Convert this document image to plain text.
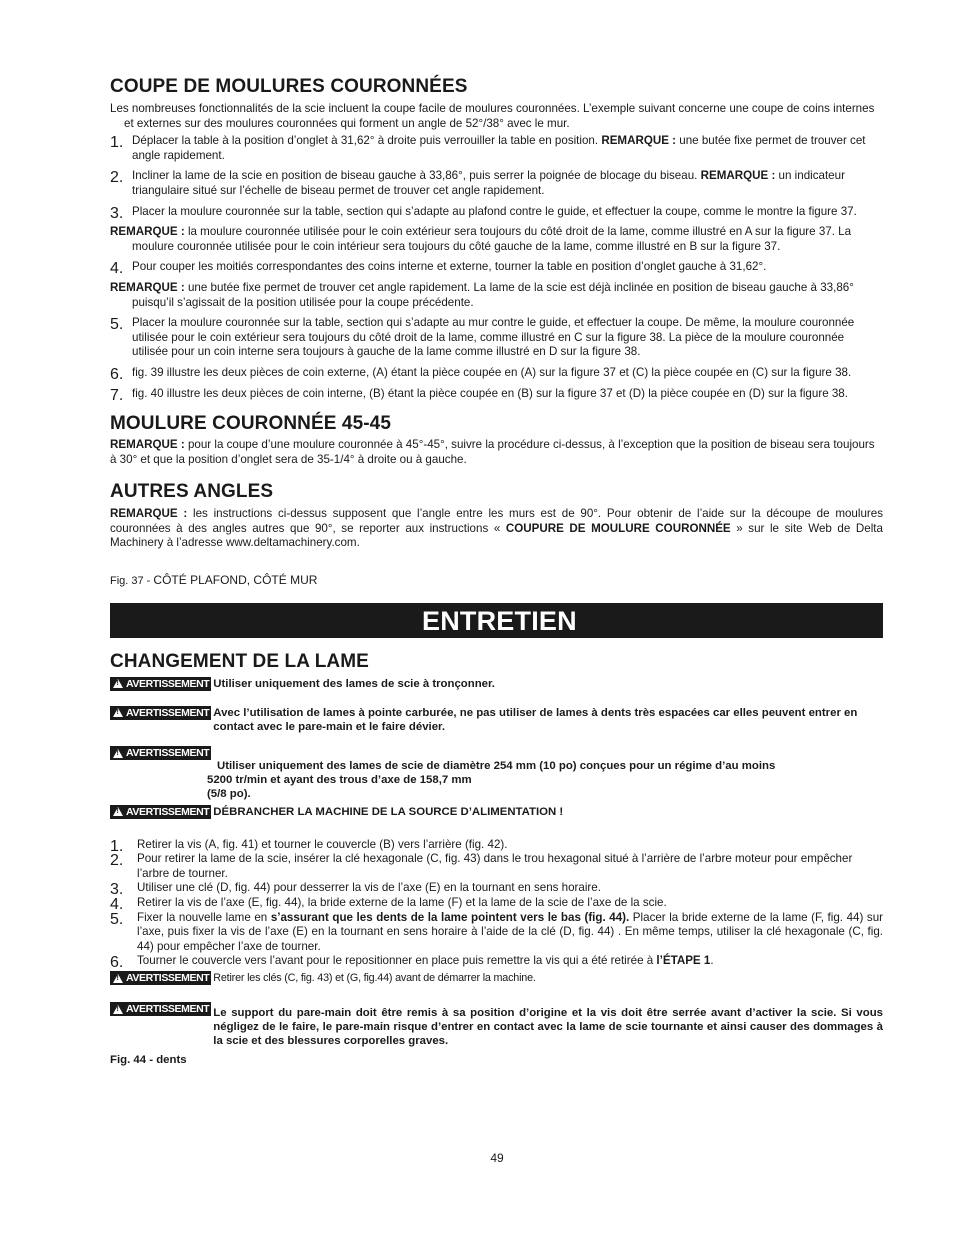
COUPE DE MOULURES COURONNÉES

Les nombreuses fonctionnalités de la scie incluent la coupe facile de moulures couronnées. L’exemple suivant concerne une coupe de coins internes et externes sur des moulures couronnées qui forment un angle de 52°/38° avec le mur.

1. Déplacer la table à la position d’onglet à 31,62° à droite puis verrouiller la table en position. REMARQUE : une butée fixe permet de trouver cet angle rapidement.

2. Incliner la lame de la scie en position de biseau gauche à 33,86°, puis serrer la poignée de blocage du biseau. REMARQUE : un indicateur triangulaire situé sur l’échelle de biseau permet de trouver cet angle rapidement.

3. Placer la moulure couronnée sur la table, section qui s’adapte au plafond contre le guide, et effectuer la coupe, comme le montre la figure 37.

REMARQUE : la moulure couronnée utilisée pour le coin extérieur sera toujours du côté droit de la lame, comme illustré en A sur la figure 37. La moulure couronnée utilisée pour le coin intérieur sera toujours du côté gauche de la lame, comme illustré en B sur la figure 37.

4. Pour couper les moitiés correspondantes des coins interne et externe, tourner la table en position d’onglet gauche à 31,62°.

REMARQUE : une butée fixe permet de trouver cet angle rapidement. La lame de la scie est déjà inclinée en position de biseau gauche à 33,86° puisqu’il s’agissait de la position utilisée pour la coupe précédente.

5. Placer la moulure couronnée sur la table, section qui s’adapte au mur contre le guide, et effectuer la coupe. De même, la moulure couronnée utilisée pour le coin extérieur sera toujours du côté droit de la lame, comme illustré en C sur la figure 38. La pièce de la moulure couronnée utilisée pour un coin interne sera toujours à gauche de la lame comme illustré en D sur la figure 38.

6. fig. 39 illustre les deux pièces de coin externe, (A) étant la pièce coupée en (A) sur la figure 37 et (C) la pièce coupée en (C) sur la figure 38.

7. fig. 40 illustre les deux pièces de coin interne, (B) étant la pièce coupée en (B) sur la figure 37 et (D) la pièce coupée en (D) sur la figure 38.

MOULURE COURONNÉE 45-45

REMARQUE : pour la coupe d’une moulure couronnée à 45°-45°, suivre la procédure ci-dessus, à l’exception que la position de biseau sera toujours à 30° et que la position d’onglet sera de 35-1/4° à droite ou à gauche.

AUTRES ANGLES

REMARQUE : les instructions ci-dessus supposent que l’angle entre les murs est de 90°. Pour obtenir de l’aide sur la découpe de moulures couronnées à des angles autres que 90°, se reporter aux instructions « COUPURE DE MOULURE COURONNÉE » sur le site Web de Delta Machinery à l’adresse www.deltamachinery.com.

Fig. 37 - CÔTÉ PLAFOND, CÔTÉ MUR

ENTRETIEN
CHANGEMENT DE LA LAME
!
AVERTISSEMENT Utiliser uniquement des lames de scie à tronçonner.
!
AVERTISSEMENT Avec l’utilisation de lames à pointe carburée, ne pas utiliser de lames à dents très espacées car elles peuvent entrer en contact avec le pare-main et le faire dévier.
!
AVERTISSEMENT
Utiliser uniquement des lames de scie de diamètre 254 mm (10 po) conçues pour un régime d’au moins
5200 tr/min et ayant des trous d’axe de 158,7 mm
(5/8 po).
!
AVERTISSEMENT DÉBRANCHER LA MACHINE DE LA SOURCE D’ALIMENTATION !
1. Retirer la vis (A, fig. 41) et tourner le couvercle (B) vers l’arrière (fig. 42).

2. Pour retirer la lame de la scie, insérer la clé hexagonale (C, fig. 43) dans le trou hexagonal situé à l’arrière de l’arbre moteur pour empêcher l’arbre de tourner.

3. Utiliser une clé (D, fig. 44) pour desserrer la vis de l’axe (E) en la tournant en sens horaire.

4. Retirer la vis de l’axe (E, fig. 44), la bride externe de la lame (F) et la lame de la scie de l’axe de la scie.

5. Fixer la nouvelle lame en s’assurant que les dents de la lame pointent vers le bas (fig. 44). Placer la bride externe de la lame (F, fig. 44) sur l’axe, puis fixer la vis de l’axe (E) en la tournant en sens horaire à l’aide de la clé (D, fig. 44) . En même temps, utiliser la clé hexagonale (C, fig. 44) pour empêcher l’axe de tourner.

6. Tourner le couvercle vers l’avant pour le repositionner en place puis remettre la vis qui a été retirée à l’ÉTAPE 1.

!
AVERTISSEMENT Retirer les clés (C, fig. 43) et (G, fig.44) avant de démarrer la machine.
!
AVERTISSEMENT Le support du pare-main doit être remis à sa position d’origine et la vis doit être serrée avant d’activer la scie. Si vous négligez de le faire, le pare-main risque d’entrer en contact avec la lame de scie tournante et ainsi causer des dommages à la scie et des blessures corporelles graves.

Fig. 44 - dents

49
